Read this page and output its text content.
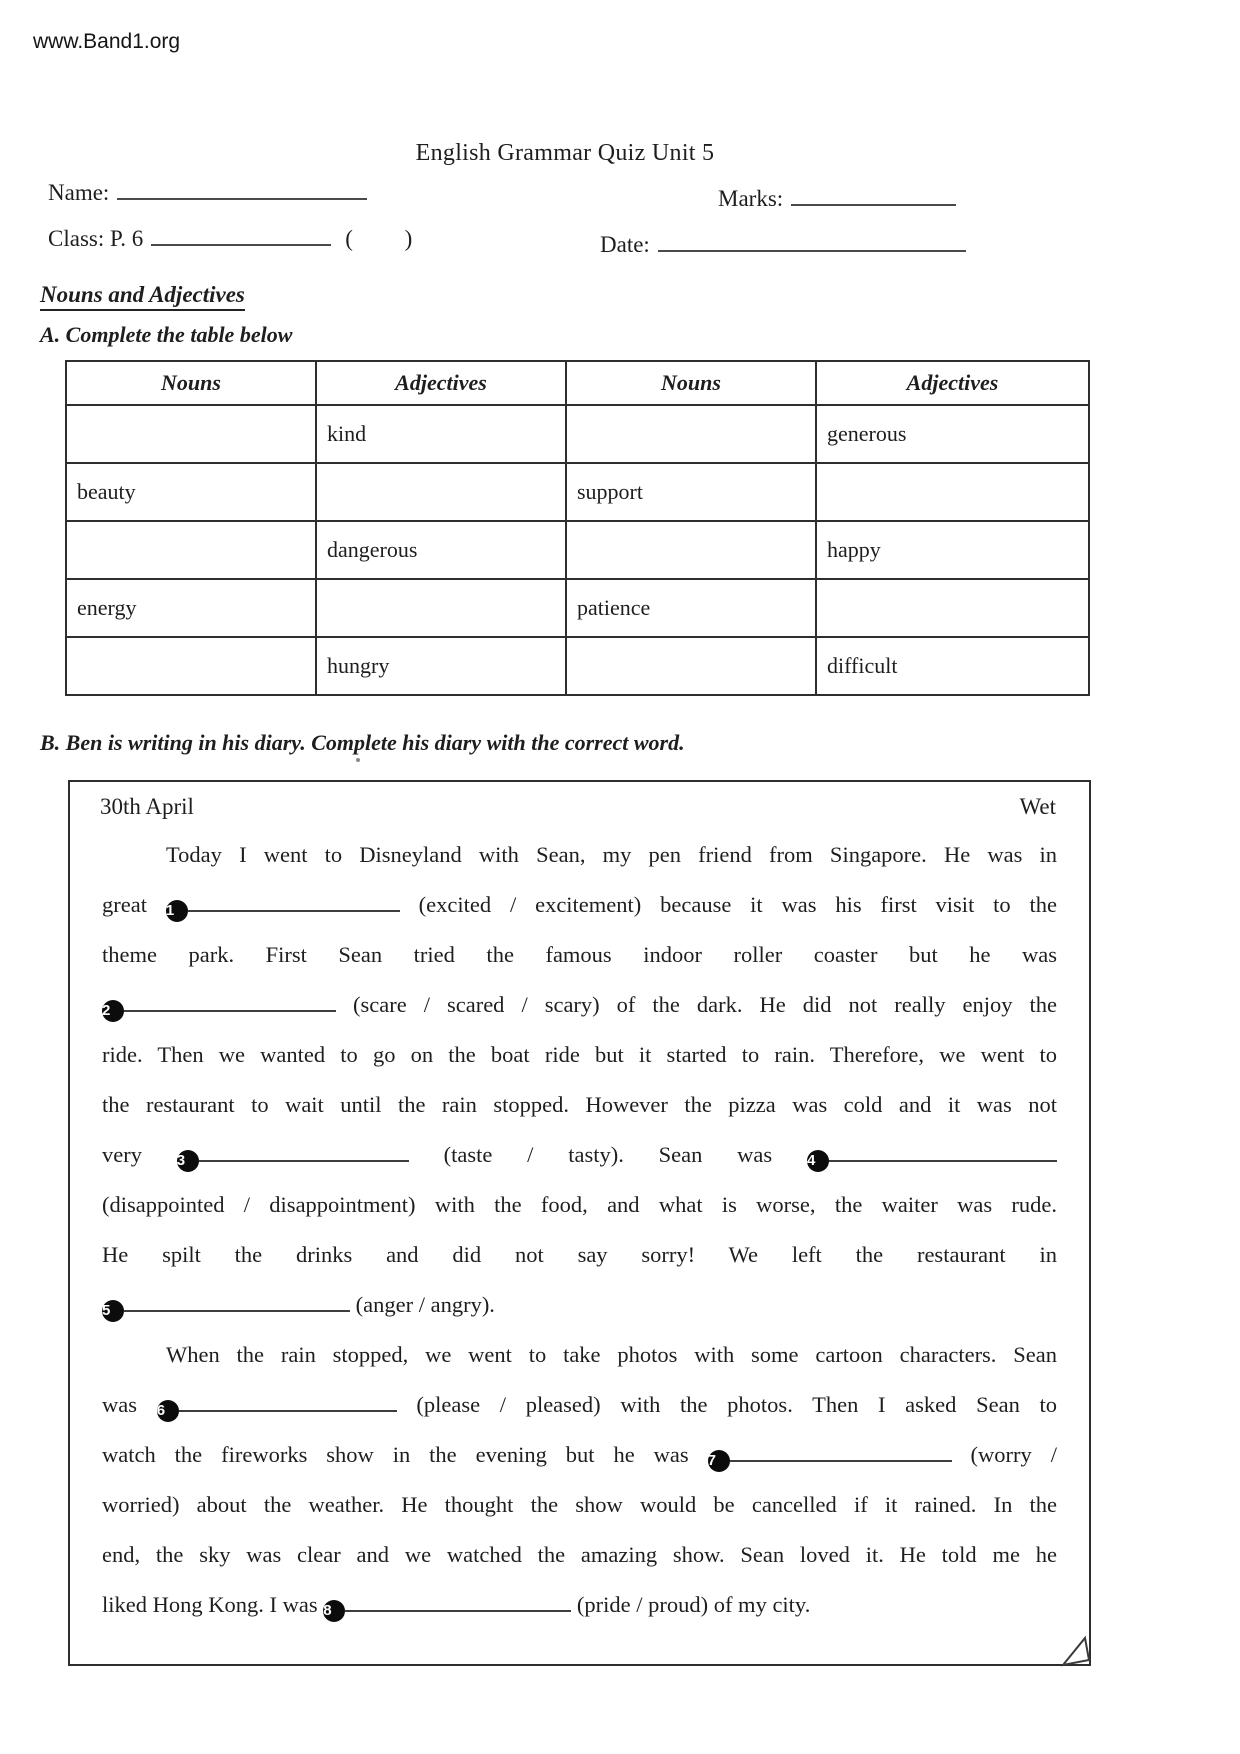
www.Band1.org
English Grammar Quiz Unit 5
Name:	Marks:
Class: P. 6	(         )	Date:
Nouns and Adjectives
A. Complete the table below
Nouns	Adjectives	Nouns	Adjectives
	kind		generous
beauty		support	
	dangerous		happy
energy		patience	
	hungry		difficult
B. Ben is writing in his diary. Complete his diary with the correct word.
30th April	Wet
Today I went to Disneyland with Sean, my pen friend from Singapore. He was in
great 1	(excited / excitement) because it was his first visit to the
theme park. First Sean tried the famous indoor roller coaster but he was
2	(scare / scared / scary) of the dark. He did not really enjoy the
ride. Then we wanted to go on the boat ride but it started to rain. Therefore, we went to
the restaurant to wait until the rain stopped. However the pizza was cold and it was not
very 3	(taste / tasty). Sean was 4
(disappointed / disappointment) with the food, and what is worse, the waiter was rude.
He spilt the drinks and did not say sorry! We left the restaurant in
5	(anger / angry).
When the rain stopped, we went to take photos with some cartoon characters. Sean
was 6	(please / pleased) with the photos. Then I asked Sean to
watch the fireworks show in the evening but he was 7	(worry /
worried) about the weather. He thought the show would be cancelled if it rained. In the
end, the sky was clear and we watched the amazing show. Sean loved it. He told me he
liked Hong Kong. I was 8	(pride / proud) of my city.
